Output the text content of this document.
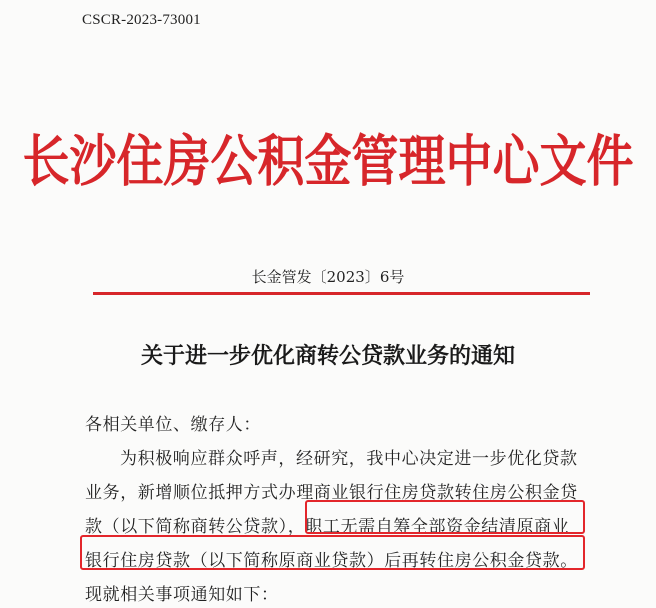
CSCR-2023-73001
长沙住房公积金管理中心文件
长金管发〔2023〕6号
关于进一步优化商转公贷款业务的通知
各相关单位、缴存人：
为积极响应群众呼声，经研究，我中心决定进一步优化贷款
业务，新增顺位抵押方式办理商业银行住房贷款转住房公积金贷
款（以下简称商转公贷款），职工无需自筹全部资金结清原商业
银行住房贷款（以下简称原商业贷款）后再转住房公积金贷款。
现就相关事项通知如下：
